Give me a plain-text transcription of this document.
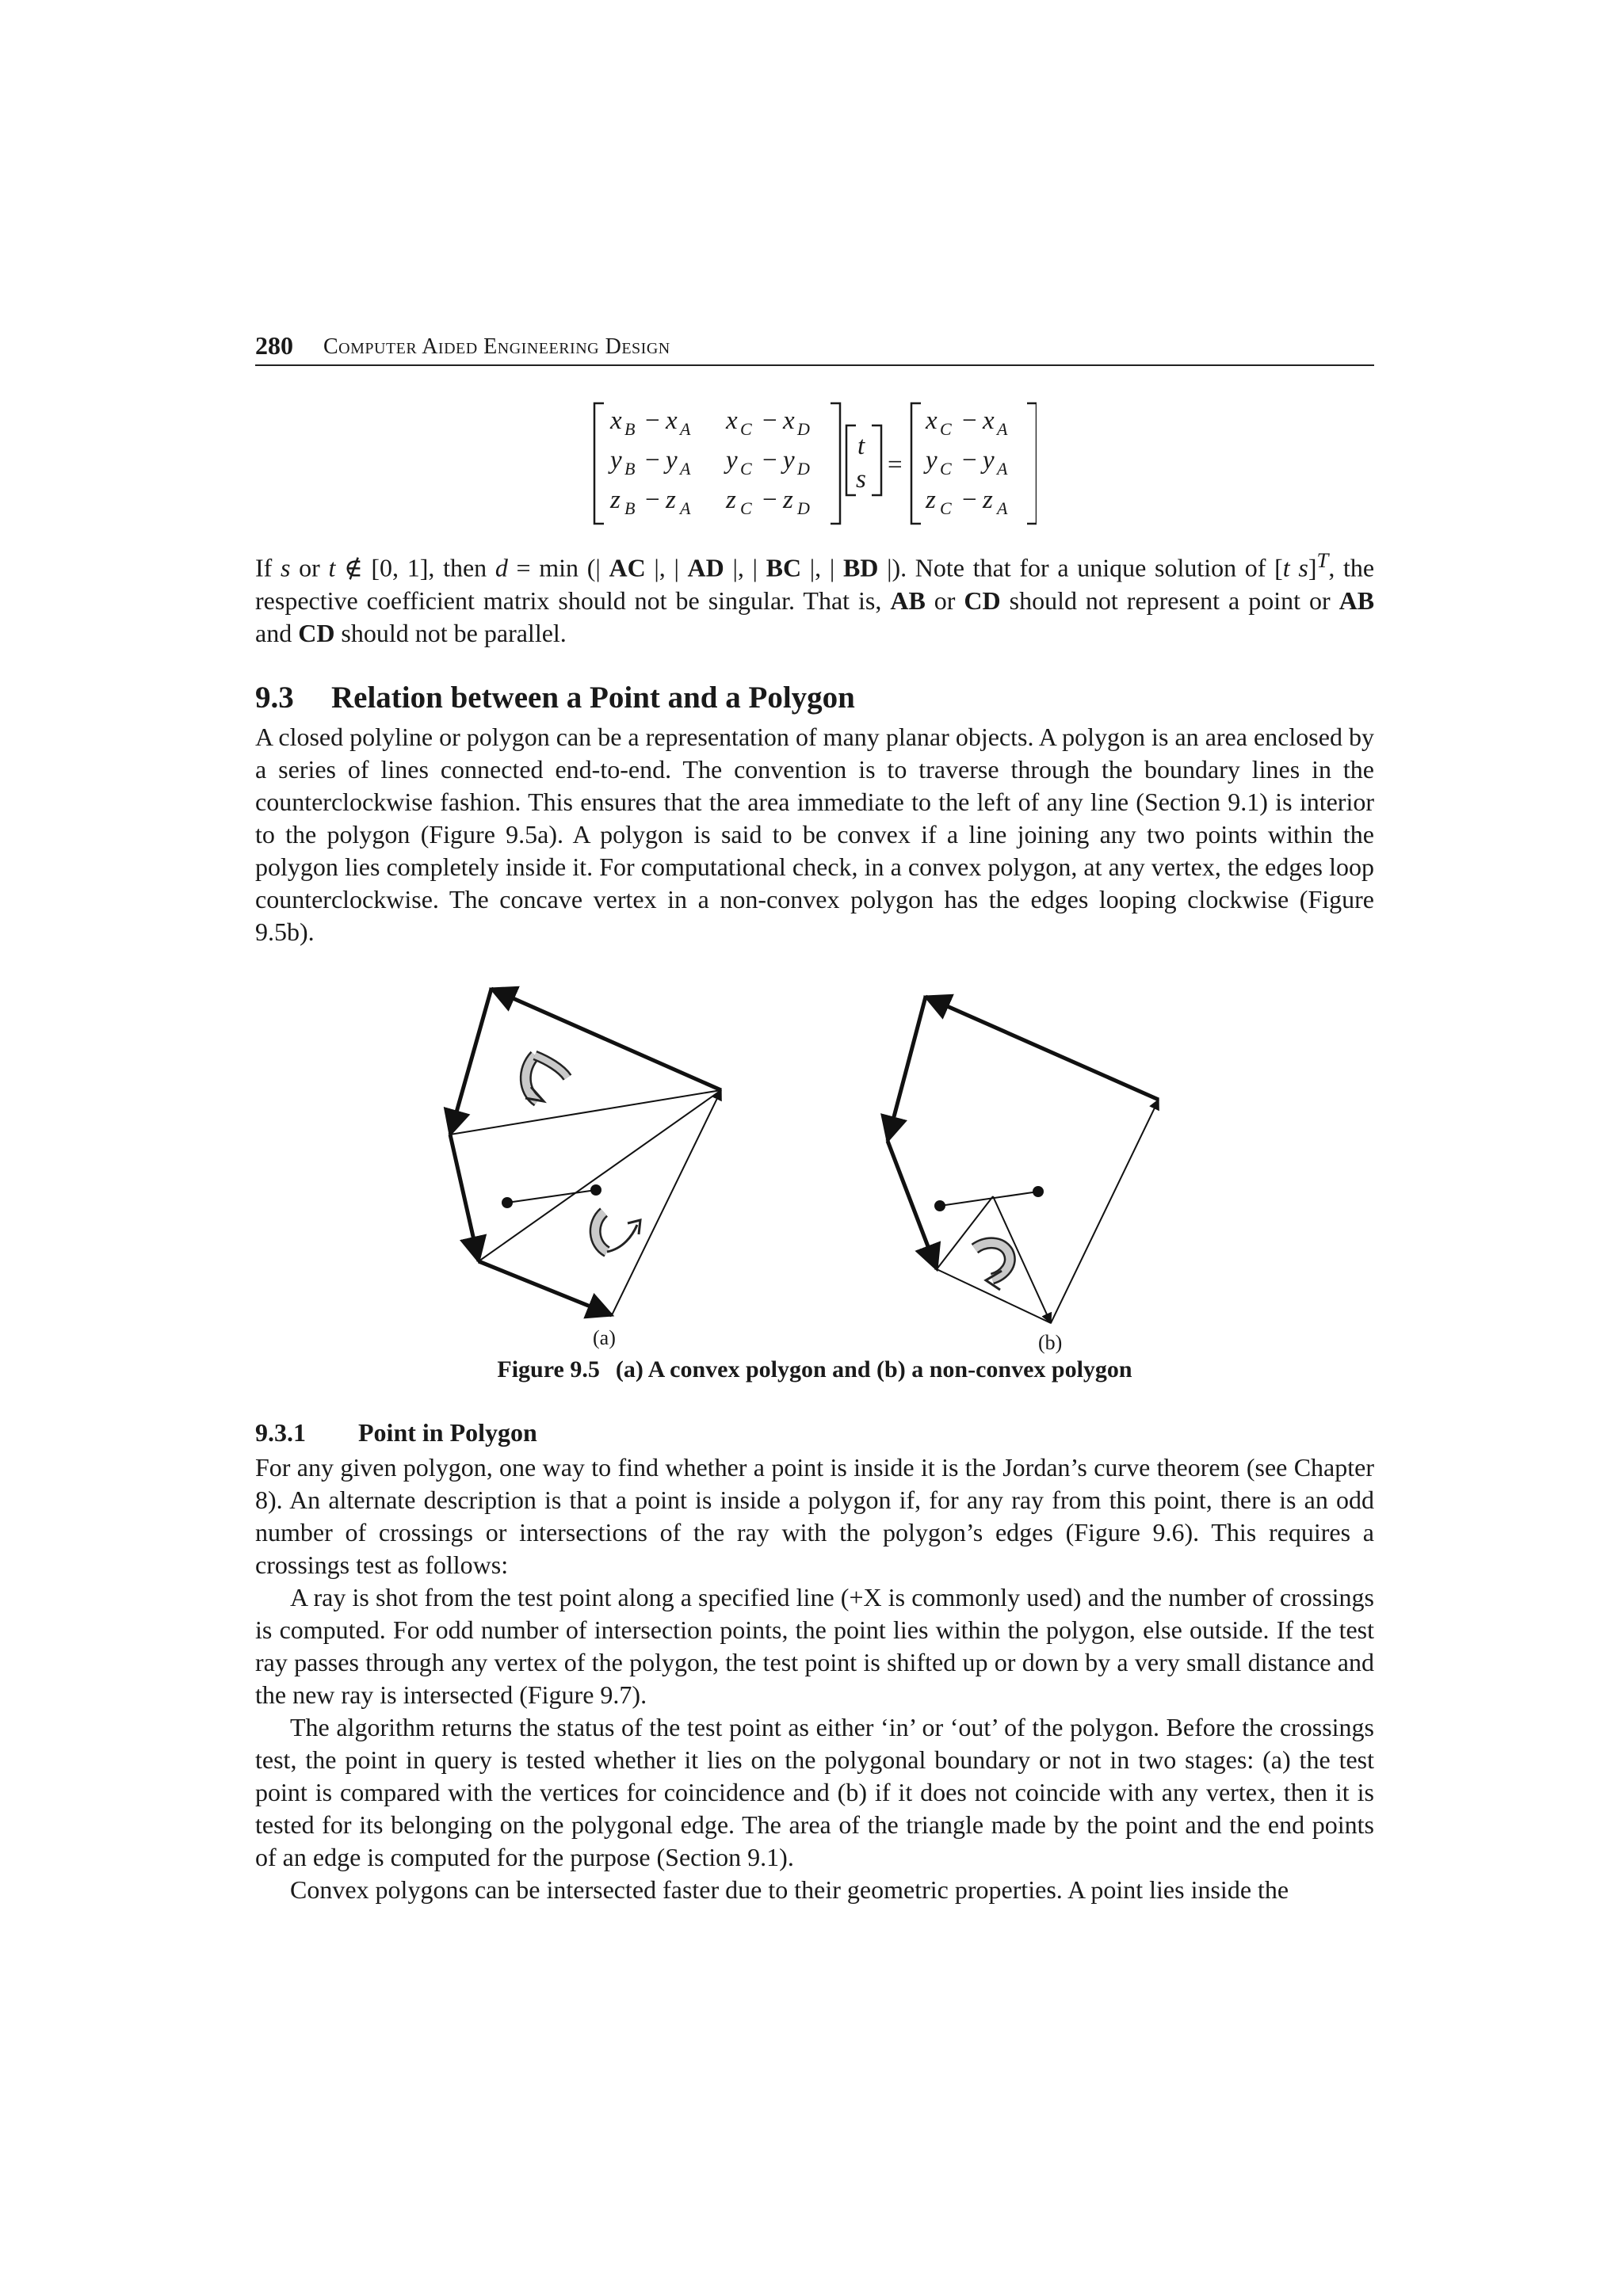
280 Computer Aided Engineering Design
x B − x A x C − x D
y B − y A y C − y D
z B − z A z C − z D
t
s =
x C − x A
y C − y A
z C − z A

If s or t ∉ [0, 1], then d = min (| AC |, | AD |, | BC |, | BD |). Note that for a unique solution of [t s]$^T$, the respective coefficient matrix should not be singular. That is, AB or CD should not represent a point or AB and CD should not be parallel.

9.3 Relation between a Point and a Polygon

A closed polyline or polygon can be a representation of many planar objects. A polygon is an area enclosed by a series of lines connected end-to-end. The convention is to traverse through the boundary lines in the counterclockwise fashion. This ensures that the area immediate to the left of any line (Section 9.1) is interior to the polygon (Figure 9.5a). A polygon is said to be convex if a line joining any two points within the polygon lies completely inside it. For computational check, in a convex polygon, at any vertex, the edges loop counterclockwise. The concave vertex in a non-convex polygon has the edges looping clockwise (Figure 9.5b).

(a)	(b)
Figure 9.5 (a) A convex polygon and (b) a non-convex polygon
9.3.1 Point in Polygon

For any given polygon, one way to find whether a point is inside it is the Jordan’s curve theorem (see Chapter 8). An alternate description is that a point is inside a polygon if, for any ray from this point, there is an odd number of crossings or intersections of the ray with the polygon’s edges (Figure 9.6). This requires a crossings test as follows:

A ray is shot from the test point along a specified line (+X is commonly used) and the number of crossings is computed. For odd number of intersection points, the point lies within the polygon, else outside. If the test ray passes through any vertex of the polygon, the test point is shifted up or down by a very small distance and the new ray is intersected (Figure 9.7).

The algorithm returns the status of the test point as either ‘in’ or ‘out’ of the polygon. Before the crossings test, the point in query is tested whether it lies on the polygonal boundary or not in two stages: (a) the test point is compared with the vertices for coincidence and (b) if it does not coincide with any vertex, then it is tested for its belonging on the polygonal edge. The area of the triangle made by the point and the end points of an edge is computed for the purpose (Section 9.1).

Convex polygons can be intersected faster due to their geometric properties. A point lies inside the
